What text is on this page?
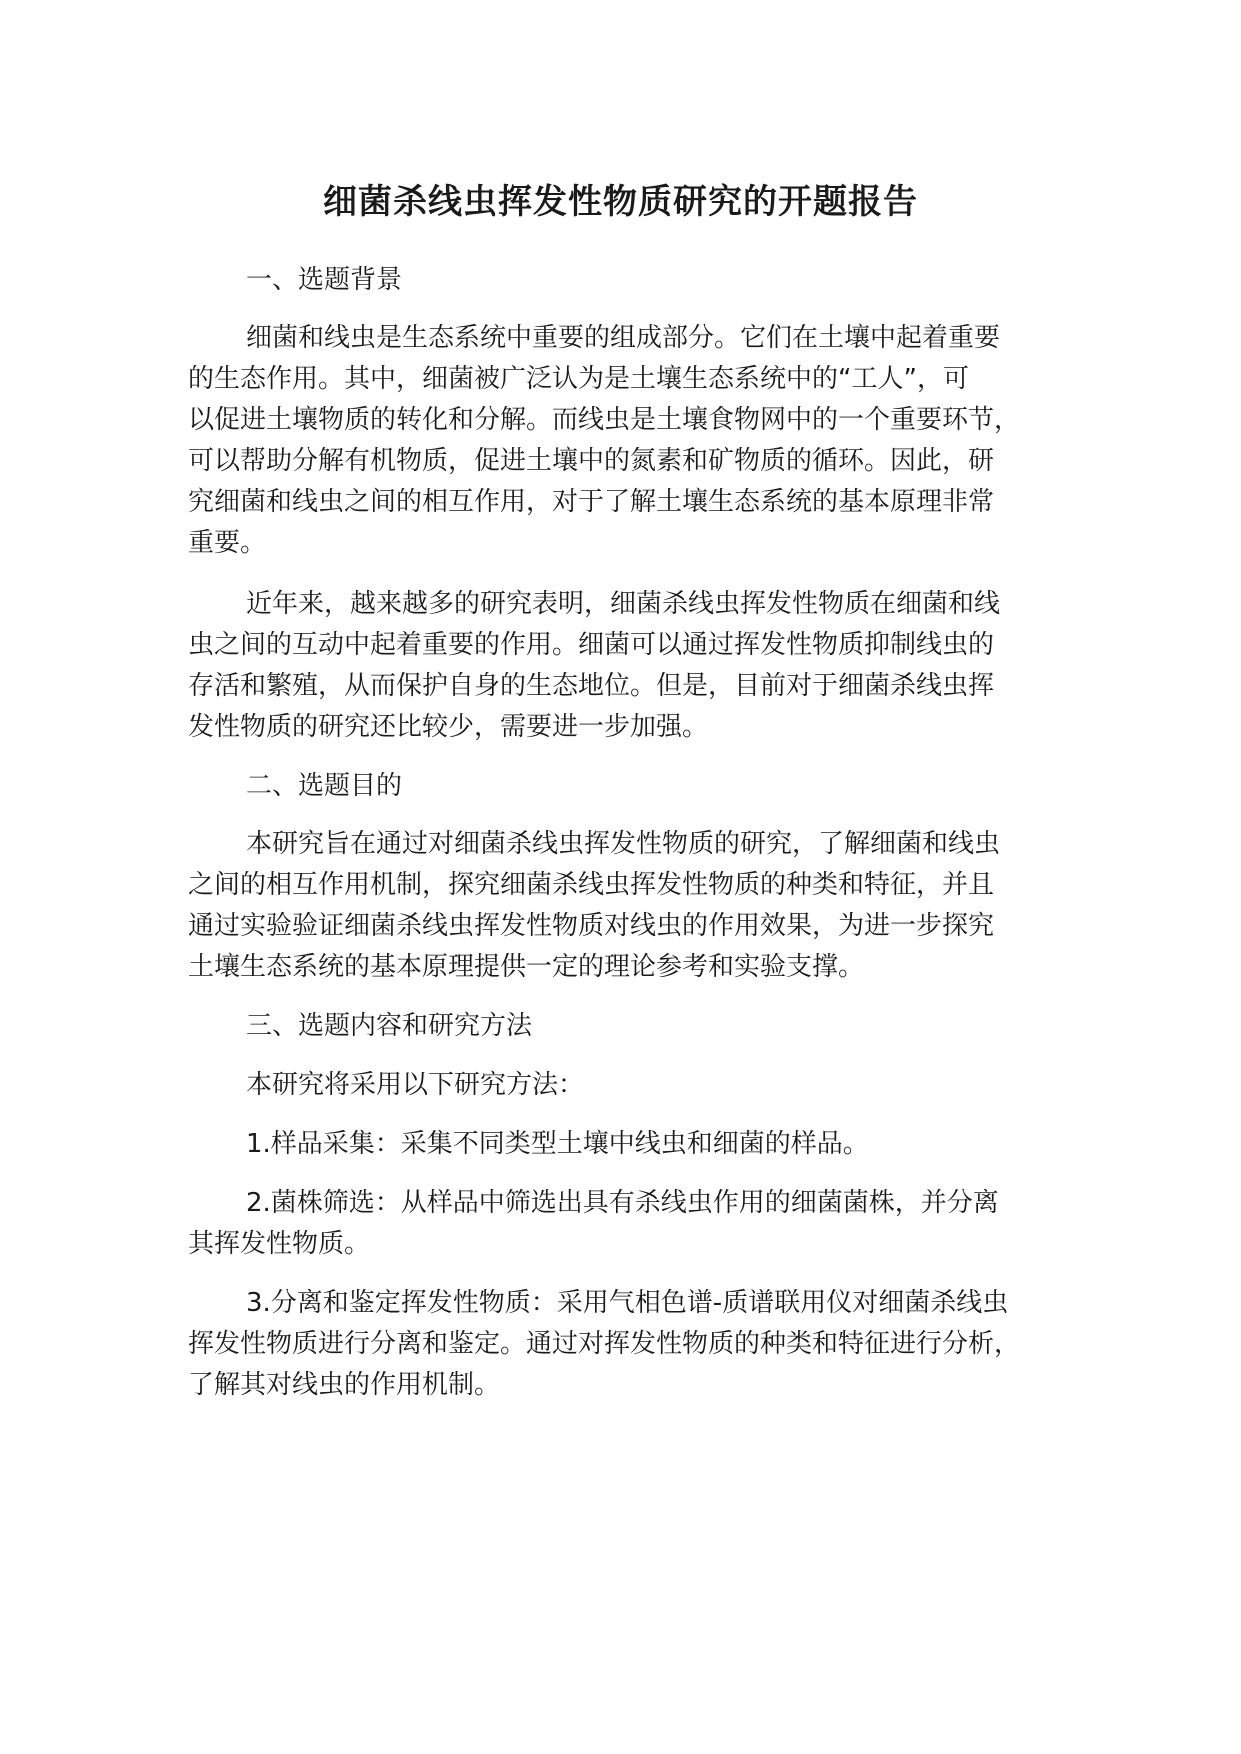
细菌杀线虫挥发性物质研究的开题报告
一、选题背景
细菌和线虫是生态系统中重要的组成部分。它们在土壤中起着重要
的生态作用。其中，细菌被广泛认为是土壤生态系统中的“工人”，可
以促进土壤物质的转化和分解。而线虫是土壤食物网中的一个重要环节，
可以帮助分解有机物质，促进土壤中的氮素和矿物质的循环。因此，研
究细菌和线虫之间的相互作用，对于了解土壤生态系统的基本原理非常
重要。
近年来，越来越多的研究表明，细菌杀线虫挥发性物质在细菌和线
虫之间的互动中起着重要的作用。细菌可以通过挥发性物质抑制线虫的
存活和繁殖，从而保护自身的生态地位。但是，目前对于细菌杀线虫挥
发性物质的研究还比较少，需要进一步加强。
二、选题目的
本研究旨在通过对细菌杀线虫挥发性物质的研究，了解细菌和线虫
之间的相互作用机制，探究细菌杀线虫挥发性物质的种类和特征，并且
通过实验验证细菌杀线虫挥发性物质对线虫的作用效果，为进一步探究
土壤生态系统的基本原理提供一定的理论参考和实验支撑。
三、选题内容和研究方法
本研究将采用以下研究方法：
1.样品采集：采集不同类型土壤中线虫和细菌的样品。
2.菌株筛选：从样品中筛选出具有杀线虫作用的细菌菌株，并分离
其挥发性物质。
3.分离和鉴定挥发性物质：采用气相色谱-质谱联用仪对细菌杀线虫
挥发性物质进行分离和鉴定。通过对挥发性物质的种类和特征进行分析，
了解其对线虫的作用机制。
